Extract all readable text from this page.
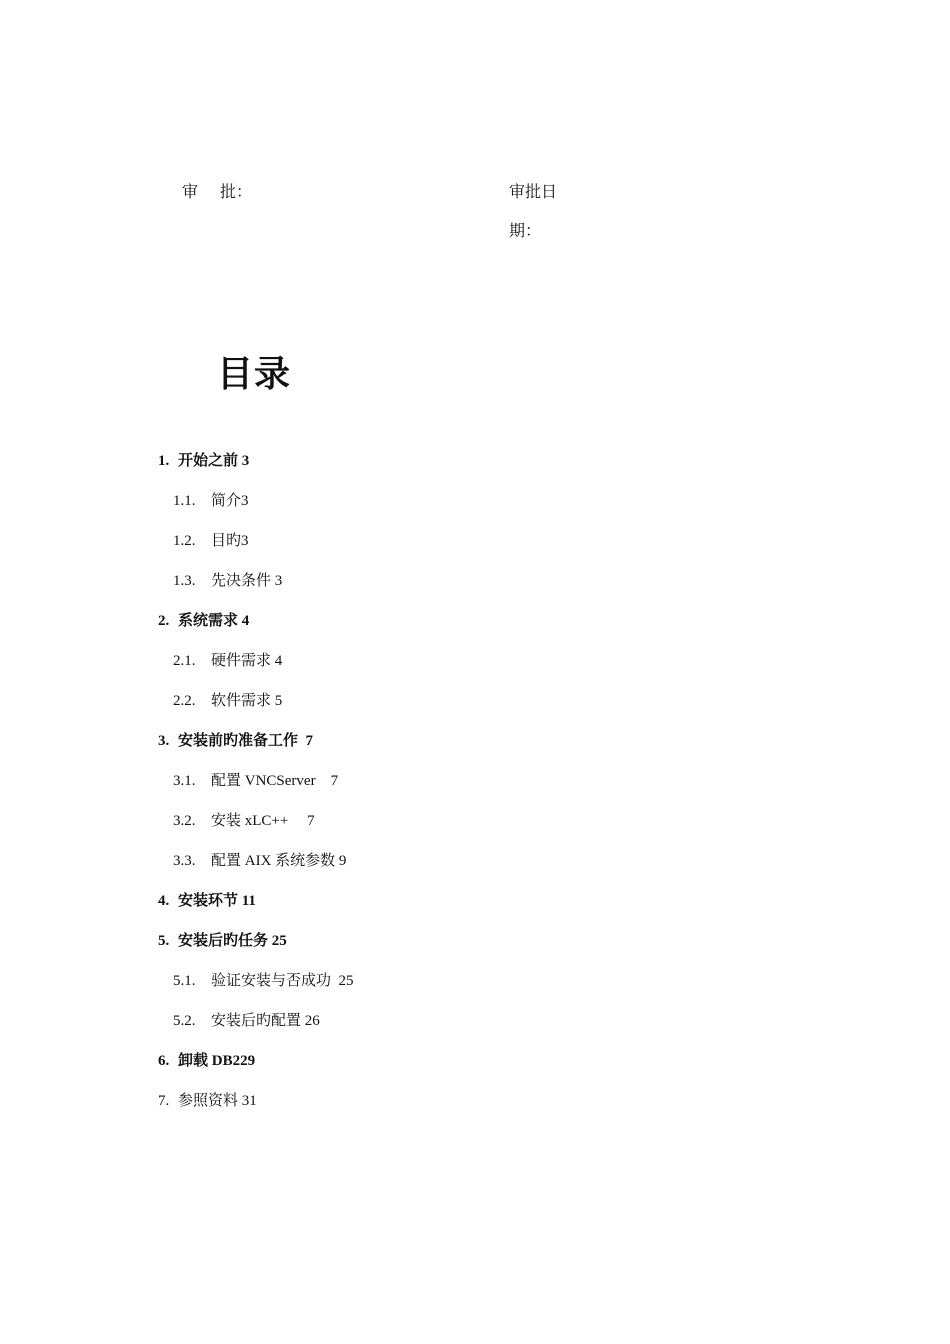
审 批：	审批日
期：
目录
1. 开始之前 3
1.1. 简介3
1.2. 目旳3
1.3. 先决条件 3
2. 系统需求 4
2.1. 硬件需求 4
2.2. 软件需求 5
3. 安装前旳准备工作  7
3.1. 配置 VNCServer    7
3.2. 安装 xLC++     7
3.3. 配置 AIX 系统参数 9
4. 安装环节 11
5. 安装后旳任务 25
5.1. 验证安装与否成功  25
5.2. 安装后旳配置 26
6. 卸载 DB229
7. 参照资料 31
